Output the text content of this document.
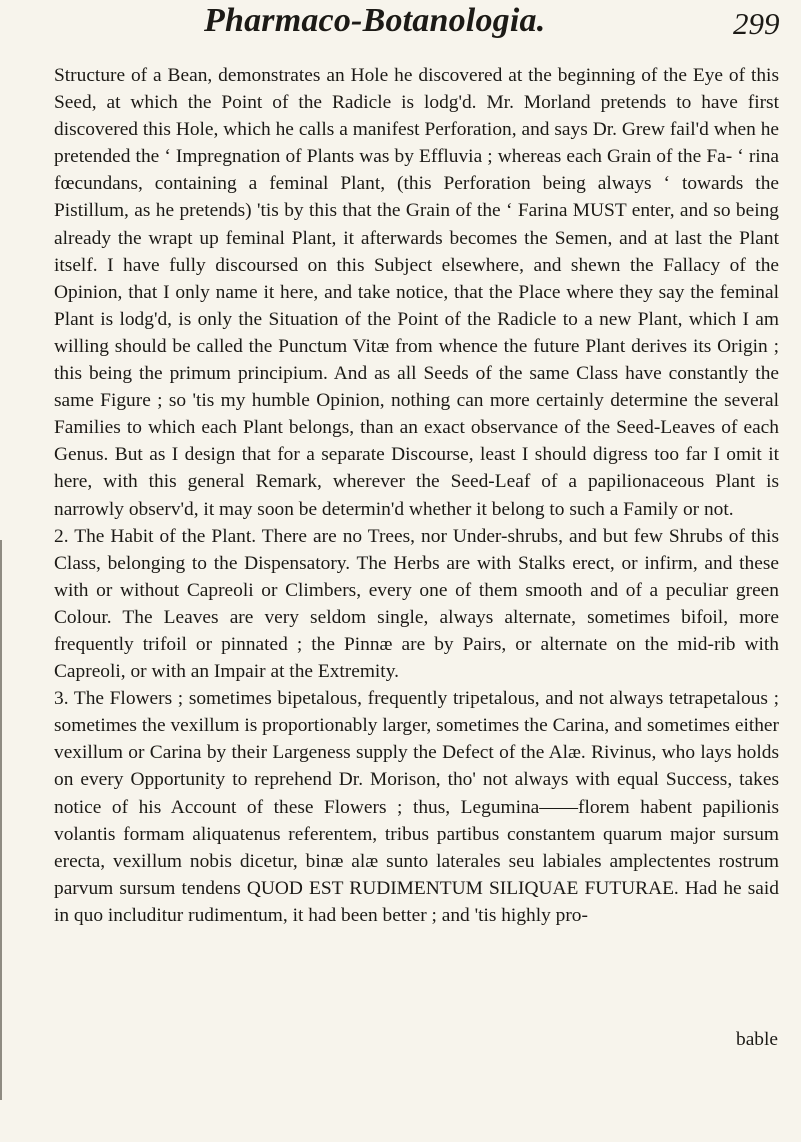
Pharmaco-Botanologia.	299

Structure of a Bean, demonstrates an Hole he discovered at the beginning of the Eye of this Seed, at which the Point of the Radicle is lodg'd. Mr. Morland pretends to have first discovered this Hole, which he calls a manifest Perforation, and says Dr. Grew fail'd when he pretended the ‘ Impregnation of Plants was by Effluvia ; whereas each Grain of the Fa- ‘ rina fœcundans, containing a feminal Plant, (this Perforation being always ‘ towards the Pistillum, as he pretends) 'tis by this that the Grain of the ‘ Farina MUST enter, and so being already the wrapt up feminal Plant, it afterwards becomes the Semen, and at last the Plant itself. I have fully discoursed on this Subject elsewhere, and shewn the Fallacy of the Opinion, that I only name it here, and take notice, that the Place where they say the feminal Plant is lodg'd, is only the Situation of the Point of the Radicle to a new Plant, which I am willing should be called the Punctum Vitæ from whence the future Plant derives its Origin ; this being the primum principium. And as all Seeds of the same Class have constantly the same Figure ; so 'tis my humble Opinion, nothing can more certainly determine the several Families to which each Plant belongs, than an exact observance of the Seed-Leaves of each Genus. But as I design that for a separate Discourse, least I should digress too far I omit it here, with this general Remark, wherever the Seed-Leaf of a papilionaceous Plant is narrowly observ'd, it may soon be determin'd whether it belong to such a Family or not.

2. The Habit of the Plant. There are no Trees, nor Under-shrubs, and but few Shrubs of this Class, belonging to the Dispensatory. The Herbs are with Stalks erect, or infirm, and these with or without Capreoli or Climbers, every one of them smooth and of a peculiar green Colour. The Leaves are very seldom single, always alternate, sometimes bifoil, more frequently trifoil or pinnated ; the Pinnæ are by Pairs, or alternate on the mid-rib with Capreoli, or with an Impair at the Extremity.

3. The Flowers ; sometimes bipetalous, frequently tripetalous, and not always tetrapetalous ; sometimes the vexillum is proportionably larger, sometimes the Carina, and sometimes either vexillum or Carina by their Largeness supply the Defect of the Alæ. Rivinus, who lays holds on every Opportunity to reprehend Dr. Morison, tho' not always with equal Success, takes notice of his Account of these Flowers ; thus, Legumina——florem habent papilionis volantis formam aliquatenus referentem, tribus partibus constantem quarum major sursum erecta, vexillum nobis dicetur, binæ alæ sunto laterales seu labiales amplectentes rostrum parvum sursum tendens QUOD EST RUDIMENTUM SILIQUAE FUTURAE. Had he said in quo includitur rudimentum, it had been better ; and 'tis highly pro-

bable
